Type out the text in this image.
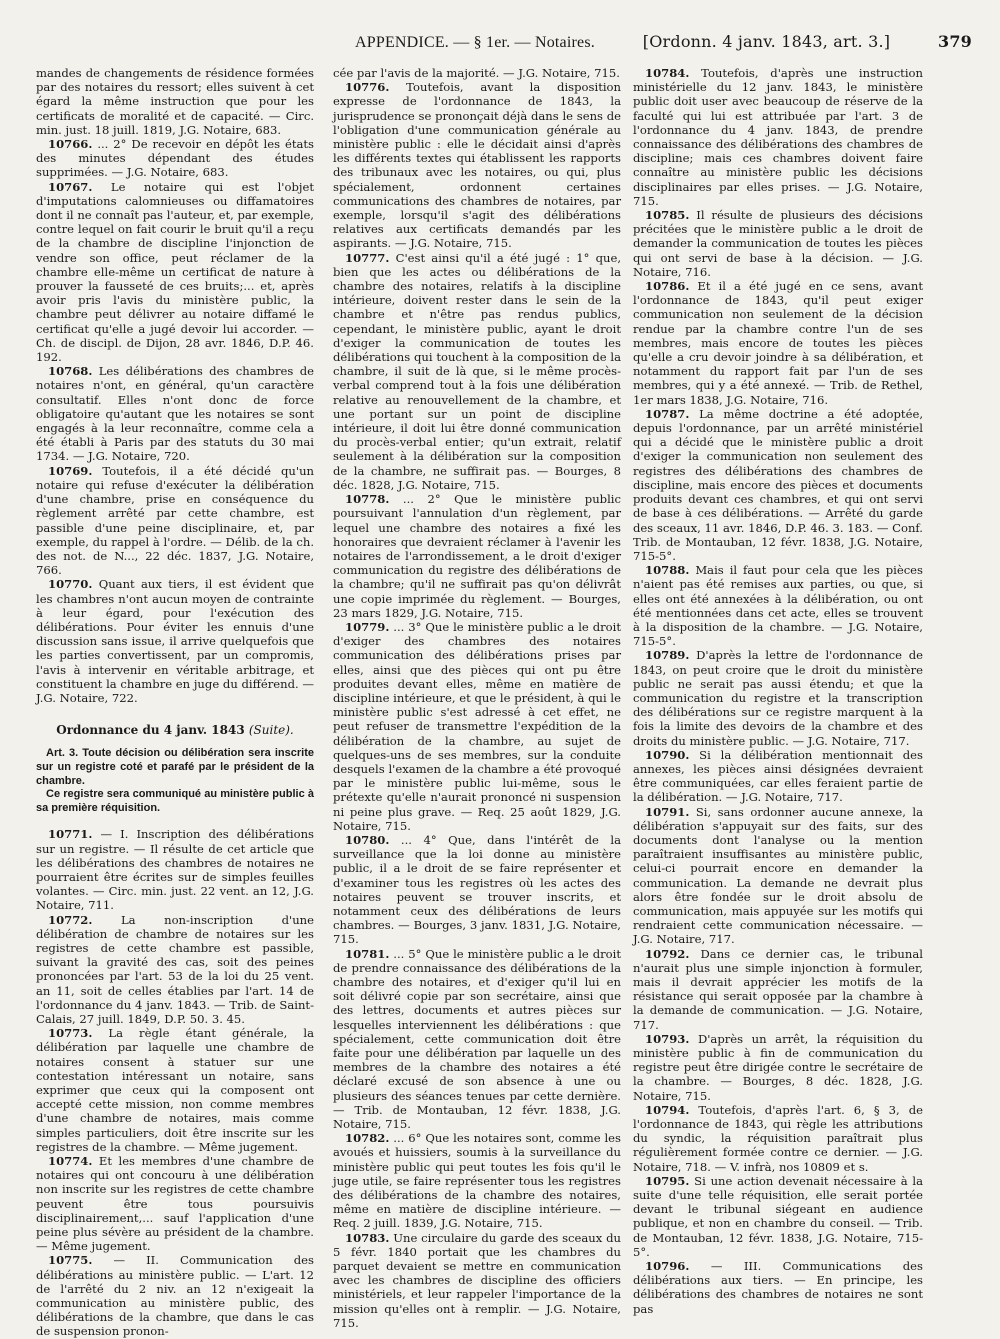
APPENDICE. — § 1er. — Notaires.	[Ordonn. 4 janv. 1843, art. 3.]	379

mandes de changements de résidence formées par des notaires du ressort; elles suivent à cet égard la même instruction que pour les certificats de moralité et de capacité. — Circ. min. just. 18 juill. 1819, J.G. Notaire, 683.

10766. ... 2° De recevoir en dépôt les états des minutes dépendant des études supprimées. — J.G. Notaire, 683.

10767. Le notaire qui est l'objet d'imputations calomnieuses ou diffamatoires dont il ne connaît pas l'auteur, et, par exemple, contre lequel on fait courir le bruit qu'il a reçu de la chambre de discipline l'injonction de vendre son office, peut réclamer de la chambre elle-même un certificat de nature à prouver la fausseté de ces bruits;... et, après avoir pris l'avis du ministère public, la chambre peut délivrer au notaire diffamé le certificat qu'elle a jugé devoir lui accorder. — Ch. de discipl. de Dijon, 28 avr. 1846, D.P. 46. 192.

10768. Les délibérations des chambres de notaires n'ont, en général, qu'un caractère consultatif. Elles n'ont donc de force obligatoire qu'autant que les notaires se sont engagés à la leur reconnaître, comme cela a été établi à Paris par des statuts du 30 mai 1734. — J.G. Notaire, 720.

10769. Toutefois, il a été décidé qu'un notaire qui refuse d'exécuter la délibération d'une chambre, prise en conséquence du règlement arrêté par cette chambre, est passible d'une peine disciplinaire, et, par exemple, du rappel à l'ordre. — Délib. de la ch. des not. de N..., 22 déc. 1837, J.G. Notaire, 766.

10770. Quant aux tiers, il est évident que les chambres n'ont aucun moyen de contrainte à leur égard, pour l'exécution des délibérations. Pour éviter les ennuis d'une discussion sans issue, il arrive quelquefois que les parties convertissent, par un compromis, l'avis à intervenir en véritable arbitrage, et constituent la chambre en juge du différend. — J.G. Notaire, 722.

Ordonnance du 4 janv. 1843 (Suite).

Art. 3. Toute décision ou délibération sera inscrite sur un registre coté et parafé par le président de la chambre.

Ce registre sera communiqué au ministère public à sa première réquisition.

10771. — I. Inscription des délibérations sur un registre. — Il résulte de cet article que les délibérations des chambres de notaires ne pourraient être écrites sur de simples feuilles volantes. — Circ. min. just. 22 vent. an 12, J.G. Notaire, 711.

10772. La non-inscription d'une délibération de chambre de notaires sur les registres de cette chambre est passible, suivant la gravité des cas, soit des peines prononcées par l'art. 53 de la loi du 25 vent. an 11, soit de celles établies par l'art. 14 de l'ordonnance du 4 janv. 1843. — Trib. de Saint-Calais, 27 juill. 1849, D.P. 50. 3. 45.

10773. La règle étant générale, la délibération par laquelle une chambre de notaires consent à statuer sur une contestation intéressant un notaire, sans exprimer que ceux qui la composent ont accepté cette mission, non comme membres d'une chambre de notaires, mais comme simples particuliers, doit être inscrite sur les registres de la chambre. — Même jugement.

10774. Et les membres d'une chambre de notaires qui ont concouru à une délibération non inscrite sur les registres de cette chambre peuvent être tous poursuivis disciplinairement,... sauf l'application d'une peine plus sévère au président de la chambre. — Même jugement.

10775. — II. Communication des délibérations au ministère public. — L'art. 12 de l'arrêté du 2 niv. an 12 n'exigeait la communication au ministère public, des délibérations de la chambre, que dans le cas de suspension pronon-

cée par l'avis de la majorité. — J.G. Notaire, 715.

10776. Toutefois, avant la disposition expresse de l'ordonnance de 1843, la jurisprudence se prononçait déjà dans le sens de l'obligation d'une communication générale au ministère public : elle le décidait ainsi d'après les différents textes qui établissent les rapports des tribunaux avec les notaires, ou qui, plus spécialement, ordonnent certaines communications des chambres de notaires, par exemple, lorsqu'il s'agit des délibérations relatives aux certificats demandés par les aspirants. — J.G. Notaire, 715.

10777. C'est ainsi qu'il a été jugé : 1° que, bien que les actes ou délibérations de la chambre des notaires, relatifs à la discipline intérieure, doivent rester dans le sein de la chambre et n'être pas rendus publics, cependant, le ministère public, ayant le droit d'exiger la communication de toutes les délibérations qui touchent à la composition de la chambre, il suit de là que, si le même procès-verbal comprend tout à la fois une délibération relative au renouvellement de la chambre, et une portant sur un point de discipline intérieure, il doit lui être donné communication du procès-verbal entier; qu'un extrait, relatif seulement à la délibération sur la composition de la chambre, ne suffirait pas. — Bourges, 8 déc. 1828, J.G. Notaire, 715.

10778. ... 2° Que le ministère public poursuivant l'annulation d'un règlement, par lequel une chambre des notaires a fixé les honoraires que devraient réclamer à l'avenir les notaires de l'arrondissement, a le droit d'exiger communication du registre des délibérations de la chambre; qu'il ne suffirait pas qu'on délivrât une copie imprimée du règlement. — Bourges, 23 mars 1829, J.G. Notaire, 715.

10779. ... 3° Que le ministère public a le droit d'exiger des chambres des notaires communication des délibérations prises par elles, ainsi que des pièces qui ont pu être produites devant elles, même en matière de discipline intérieure, et que le président, à qui le ministère public s'est adressé à cet effet, ne peut refuser de transmettre l'expédition de la délibération de la chambre, au sujet de quelques-uns de ses membres, sur la conduite desquels l'examen de la chambre a été provoqué par le ministère public lui-même, sous le prétexte qu'elle n'aurait prononcé ni suspension ni peine plus grave. — Req. 25 août 1829, J.G. Notaire, 715.

10780. ... 4° Que, dans l'intérêt de la surveillance que la loi donne au ministère public, il a le droit de se faire représenter et d'examiner tous les registres où les actes des notaires peuvent se trouver inscrits, et notamment ceux des délibérations de leurs chambres. — Bourges, 3 janv. 1831, J.G. Notaire, 715.

10781. ... 5° Que le ministère public a le droit de prendre connaissance des délibérations de la chambre des notaires, et d'exiger qu'il lui en soit délivré copie par son secrétaire, ainsi que des lettres, documents et autres pièces sur lesquelles interviennent les délibérations : que spécialement, cette communication doit être faite pour une délibération par laquelle un des membres de la chambre des notaires a été déclaré excusé de son absence à une ou plusieurs des séances tenues par cette dernière. — Trib. de Montauban, 12 févr. 1838, J.G. Notaire, 715.

10782. ... 6° Que les notaires sont, comme les avoués et huissiers, soumis à la surveillance du ministère public qui peut toutes les fois qu'il le juge utile, se faire représenter tous les registres des délibérations de la chambre des notaires, même en matière de discipline intérieure. — Req. 2 juill. 1839, J.G. Notaire, 715.

10783. Une circulaire du garde des sceaux du 5 févr. 1840 portait que les chambres du parquet devaient se mettre en communication avec les chambres de discipline des officiers ministériels, et leur rappeler l'importance de la mission qu'elles ont à remplir. — J.G. Notaire, 715.

10784. Toutefois, d'après une instruction ministérielle du 12 janv. 1843, le ministère public doit user avec beaucoup de réserve de la faculté qui lui est attribuée par l'art. 3 de l'ordonnance du 4 janv. 1843, de prendre connaissance des délibérations des chambres de discipline; mais ces chambres doivent faire connaître au ministère public les décisions disciplinaires par elles prises. — J.G. Notaire, 715.

10785. Il résulte de plusieurs des décisions précitées que le ministère public a le droit de demander la communication de toutes les pièces qui ont servi de base à la décision. — J.G. Notaire, 716.

10786. Et il a été jugé en ce sens, avant l'ordonnance de 1843, qu'il peut exiger communication non seulement de la décision rendue par la chambre contre l'un de ses membres, mais encore de toutes les pièces qu'elle a cru devoir joindre à sa délibération, et notamment du rapport fait par l'un de ses membres, qui y a été annexé. — Trib. de Rethel, 1er mars 1838, J.G. Notaire, 716.

10787. La même doctrine a été adoptée, depuis l'ordonnance, par un arrêté ministériel qui a décidé que le ministère public a droit d'exiger la communication non seulement des registres des délibérations des chambres de discipline, mais encore des pièces et documents produits devant ces chambres, et qui ont servi de base à ces délibérations. — Arrêté du garde des sceaux, 11 avr. 1846, D.P. 46. 3. 183. — Conf. Trib. de Montauban, 12 févr. 1838, J.G. Notaire, 715-5°.

10788. Mais il faut pour cela que les pièces n'aient pas été remises aux parties, ou que, si elles ont été annexées à la délibération, ou ont été mentionnées dans cet acte, elles se trouvent à la disposition de la chambre. — J.G. Notaire, 715-5°.

10789. D'après la lettre de l'ordonnance de 1843, on peut croire que le droit du ministère public ne serait pas aussi étendu; et que la communication du registre et la transcription des délibérations sur ce registre marquent à la fois la limite des devoirs de la chambre et des droits du ministère public. — J.G. Notaire, 717.

10790. Si la délibération mentionnait des annexes, les pièces ainsi désignées devraient être communiquées, car elles feraient partie de la délibération. — J.G. Notaire, 717.

10791. Si, sans ordonner aucune annexe, la délibération s'appuyait sur des faits, sur des documents dont l'analyse ou la mention paraîtraient insuffisantes au ministère public, celui-ci pourrait encore en demander la communication. La demande ne devrait plus alors être fondée sur le droit absolu de communication, mais appuyée sur les motifs qui rendraient cette communication nécessaire. — J.G. Notaire, 717.

10792. Dans ce dernier cas, le tribunal n'aurait plus une simple injonction à formuler, mais il devrait apprécier les motifs de la résistance qui serait opposée par la chambre à la demande de communication. — J.G. Notaire, 717.

10793. D'après un arrêt, la réquisition du ministère public à fin de communication du registre peut être dirigée contre le secrétaire de la chambre. — Bourges, 8 déc. 1828, J.G. Notaire, 715.

10794. Toutefois, d'après l'art. 6, § 3, de l'ordonnance de 1843, qui règle les attributions du syndic, la réquisition paraîtrait plus régulièrement formée contre ce dernier. — J.G. Notaire, 718. — V. infrà, nos 10809 et s.

10795. Si une action devenait nécessaire à la suite d'une telle réquisition, elle serait portée devant le tribunal siégeant en audience publique, et non en chambre du conseil. — Trib. de Montauban, 12 févr. 1838, J.G. Notaire, 715-5°.

10796. — III. Communications des délibérations aux tiers. — En principe, les délibérations des chambres de notaires ne sont pas
